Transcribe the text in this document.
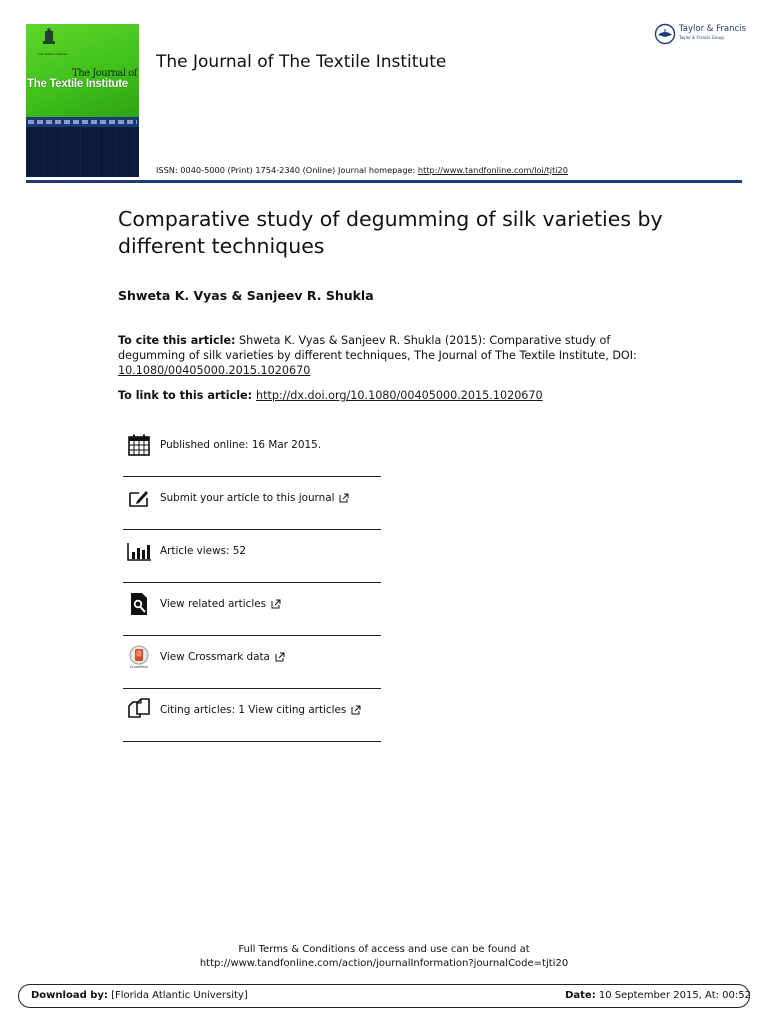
The Textile Institute
The Journal of
The Textile Institute
The Journal of The Textile Institute
Taylor & Francis
Taylor & Francis Group
ISSN: 0040-5000 (Print) 1754-2340 (Online) Journal homepage: http://www.tandfonline.com/loi/tjti20
Comparative study of degumming of silk varieties by different techniques
Shweta K. Vyas & Sanjeev R. Shukla
To cite this article: Shweta K. Vyas & Sanjeev R. Shukla (2015): Comparative study of degumming of silk varieties by different techniques, The Journal of The Textile Institute, DOI: 10.1080/00405000.2015.1020670
To link to this article: http://dx.doi.org/10.1080/00405000.2015.1020670
Published online: 16 Mar 2015.
Submit your article to this journal
Article views: 52
View related articles
CrossMark
View Crossmark data
Citing articles: 1 View citing articles
Full Terms & Conditions of access and use can be found at
http://www.tandfonline.com/action/journalInformation?journalCode=tjti20
Download by: [Florida Atlantic University]	Date: 10 September 2015, At: 00:52
